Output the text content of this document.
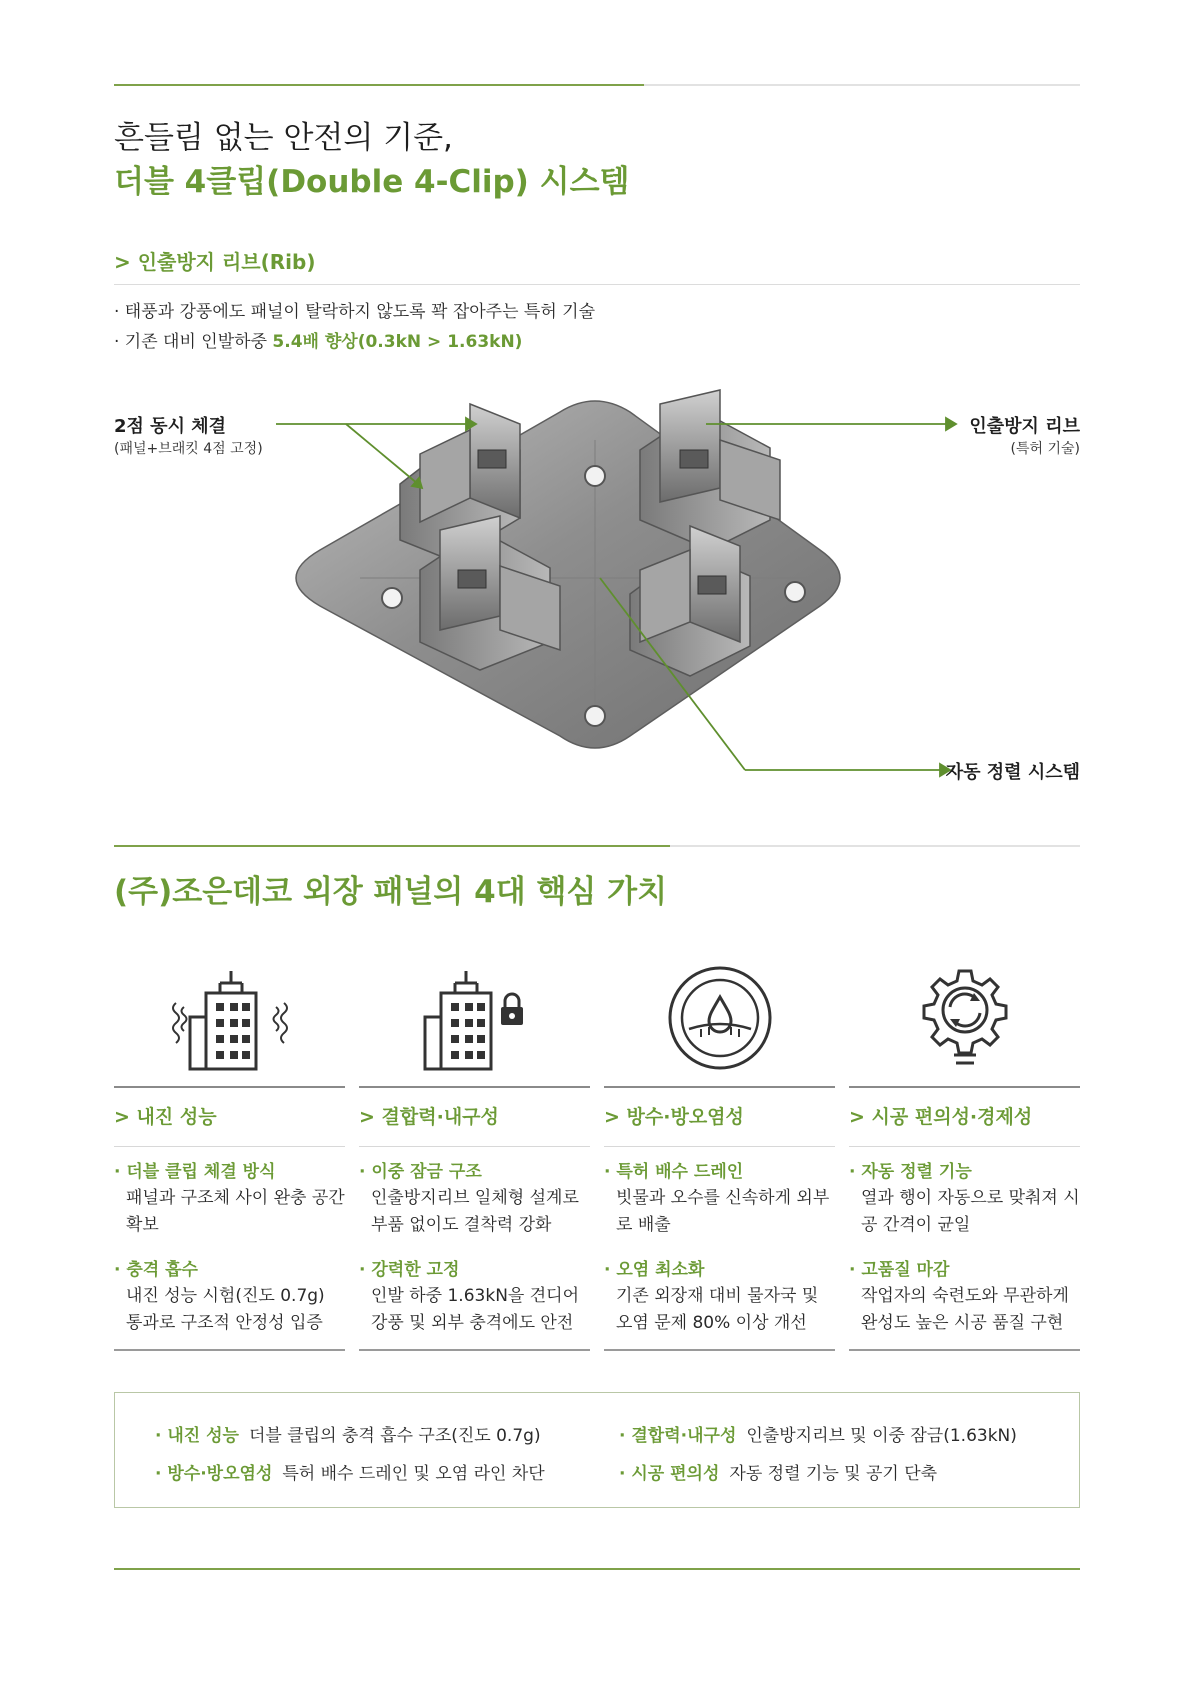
흔들림 없는 안전의 기준,
더블 4클립(Double 4-Clip) 시스템
> 인출방지 리브(Rib)
· 태풍과 강풍에도 패널이 탈락하지 않도록 꽉 잡아주는 특허 기술
· 기존 대비 인발하중 5.4배 향상(0.3kN > 1.63kN)
2점 동시 체결
(패널+브래킷 4점 고정)
인출방지 리브
(특허 기술)
자동 정렬 시스템
(주)조은데코 외장 패널의 4대 핵심 가치
> 내진 성능
· 더블 클립 체결 방식
패널과 구조체 사이 완충 공간 확보
· 충격 흡수
내진 성능 시험(진도 0.7g) 통과로 구조적 안정성 입증
> 결합력·내구성
· 이중 잠금 구조
인출방지리브 일체형 설계로 부품 없이도 결착력 강화
· 강력한 고정
인발 하중 1.63kN을 견디어 강풍 및 외부 충격에도 안전
> 방수·방오염성
· 특허 배수 드레인
빗물과 오수를 신속하게 외부로 배출
· 오염 최소화
기존 외장재 대비 물자국 및 오염 문제 80% 이상 개선
> 시공 편의성·경제성
· 자동 정렬 기능
열과 행이 자동으로 맞춰져 시공 간격이 균일
· 고품질 마감
작업자의 숙련도와 무관하게 완성도 높은 시공 품질 구현
· 내진 성능 더블 클립의 충격 흡수 구조(진도 0.7g)	· 결합력·내구성 인출방지리브 및 이중 잠금(1.63kN)
· 방수·방오염성 특허 배수 드레인 및 오염 라인 차단	· 시공 편의성 자동 정렬 기능 및 공기 단축
